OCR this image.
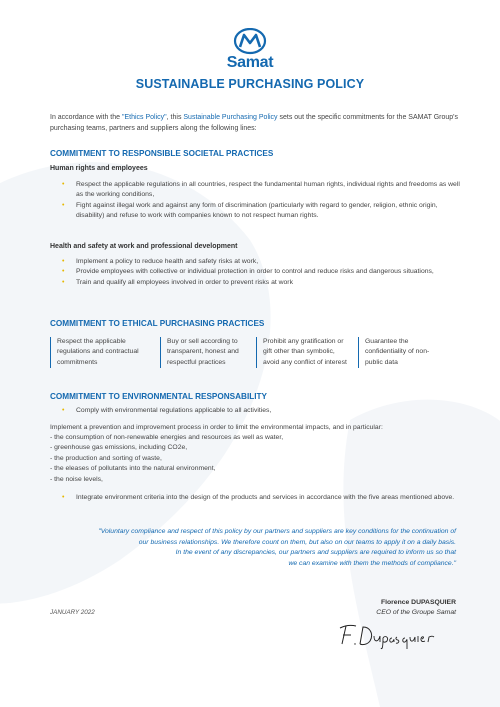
Samat
SUSTAINABLE PURCHASING POLICY
In accordance with the "Ethics Policy", this Sustainable Purchasing Policy sets out the specific commitments for the SAMAT Group's purchasing teams, partners and suppliers along the following lines:
COMMITMENT TO RESPONSIBLE SOCIETAL PRACTICES
Human rights and employees
• Respect the applicable regulations in all countries, respect the fundamental human rights, individual rights and freedoms as well as the working conditions,
• Fight against illegal work and against any form of discrimination (particularly with regard to gender, religion, ethnic origin, disability) and refuse to work with companies known to not respect human rights.
Health and safety at work and professional development
• Implement a policy to reduce health and safety risks at work,
• Provide employees with collective or individual protection in order to control and reduce risks and dangerous situations,
• Train and qualify all employees involved in order to prevent risks at work
COMMITMENT TO ETHICAL PURCHASING PRACTICES
Respect the applicable regulations and contractual commitments
Buy or sell according to transparent, honest and respectful practices
Prohibit any gratification or gift other than symbolic, avoid any conflict of interest
Guarantee the confidentiality of non-public data
COMMITMENT TO ENVIRONMENTAL RESPONSABILITY
• Comply with environmental regulations applicable to all activities,
Implement a prevention and improvement process in order to limit the environmental impacts, and in particular:
- the consumption of non-renewable energies and resources as well as water,
- greenhouse gas emissions, including CO2e,
- the production and sorting of waste,
- the eleases of pollutants into the natural environment,
- the noise levels,
• Integrate environment criteria into the design of the products and services in accordance with the five areas mentioned above.
"Voluntary compliance and respect of this policy by our partners and suppliers are key conditions for the continuation of
our business relationships. We therefore count on them, but also on our teams to apply it on a daily basis.
In the event of any discrepancies, our partners and suppliers are required to inform us so that
we can examine with them the methods of compliance."
Florence DUPASQUIER
CEO of the Groupe Samat
JANUARY 2022
